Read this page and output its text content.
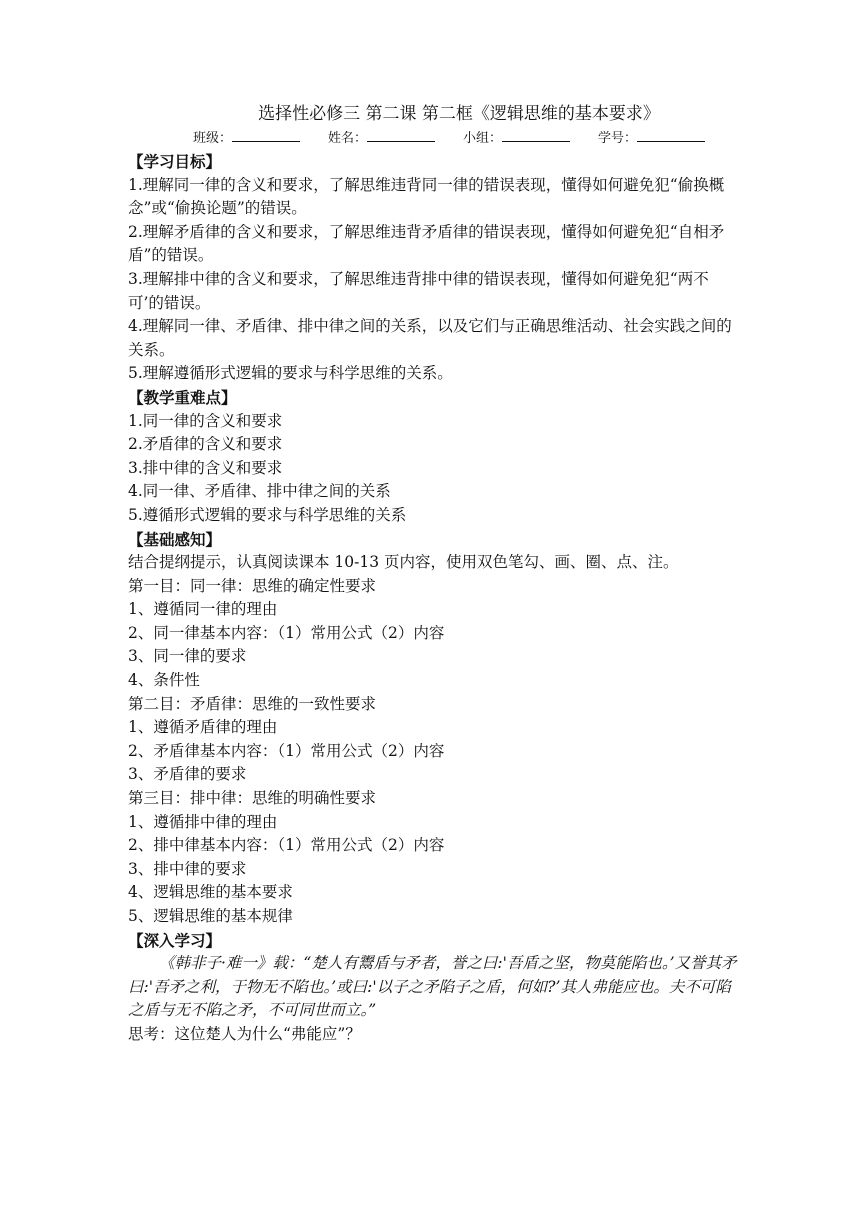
选择性必修三 第二课 第二框《逻辑思维的基本要求》
班级：	姓名：	小组：	学号：
【学习目标】
1.理解同一律的含义和要求，了解思维违背同一律的错误表现，懂得如何避免犯“偷换概念”或“偷换论题”的错误。
2.理解矛盾律的含义和要求，了解思维违背矛盾律的错误表现，懂得如何避免犯“自相矛盾”的错误。
3.理解排中律的含义和要求，了解思维违背排中律的错误表现，懂得如何避免犯“两不可’的错误。
4.理解同一律、矛盾律、排中律之间的关系，以及它们与正确思维活动、社会实践之间的关系。
5.理解遵循形式逻辑的要求与科学思维的关系。
【教学重难点】
1.同一律的含义和要求
2.矛盾律的含义和要求
3.排中律的含义和要求
4.同一律、矛盾律、排中律之间的关系
5.遵循形式逻辑的要求与科学思维的关系
【基础感知】
结合提纲提示，认真阅读课本 10-13 页内容，使用双色笔勾、画、圈、点、注。
第一目：同一律：思维的确定性要求
1、遵循同一律的理由
2、同一律基本内容：（1）常用公式（2）内容
3、同一律的要求
4、条件性
第二目：矛盾律：思维的一致性要求
1、遵循矛盾律的理由
2、矛盾律基本内容：（1）常用公式（2）内容
3、矛盾律的要求
第三目：排中律：思维的明确性要求
1、遵循排中律的理由
2、排中律基本内容：（1）常用公式（2）内容
3、排中律的要求
4、逻辑思维的基本要求
5、逻辑思维的基本规律
【深入学习】
《韩非子·难一》载：“楚人有鬻盾与矛者，誉之曰:'吾盾之坚，物莫能陷也。’又誉其矛曰:'吾矛之利，于物无不陷也。’或曰:'以子之矛陷子之盾，何如?’其人弗能应也。夫不可陷之盾与无不陷之矛，不可同世而立。”
思考：这位楚人为什么“弗能应”？
